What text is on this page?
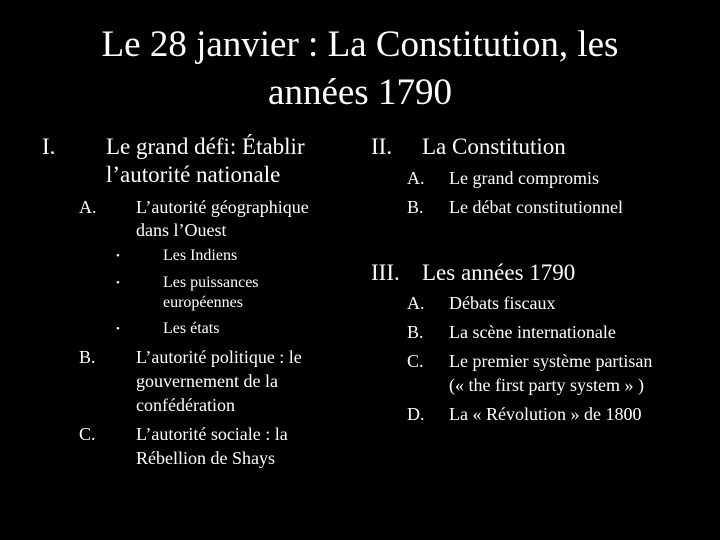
Le 28 janvier : La Constitution, les
années 1790
I. Le grand défi: Établir
l’autorité nationale
A. L’autorité géographique
dans l’Ouest
•	Les Indiens
•	Les puissances
européennes
•	Les états
B. L’autorité politique : le
gouvernement de la
confédération
C. L’autorité sociale : la
Rébellion de Shays
II. La Constitution
A. Le grand compromis
B. Le débat constitutionnel
III. Les années 1790
A. Débats fiscaux
B. La scène internationale
C. Le premier système partisan
(« the first party system » )
D. La « Révolution » de 1800
